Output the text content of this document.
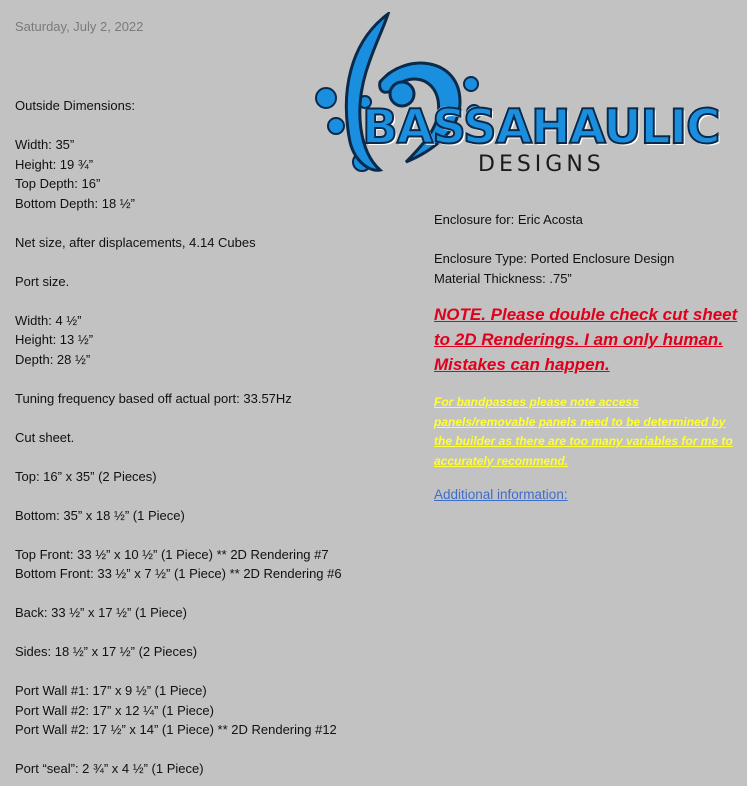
Saturday, July 2, 2022
BASSAHAULIC
DESIGNS
Outside Dimensions:
Width: 35”
Height: 19 ¾”
Top Depth: 16”
Bottom Depth: 18 ½”
Net size, after displacements, 4.14 Cubes
Port size.
Width: 4 ½”
Height: 13 ½”
Depth: 28 ½”
Tuning frequency based off actual port: 33.57Hz
Cut sheet.
Top: 16” x 35” (2 Pieces)
Bottom: 35” x 18 ½” (1 Piece)
Top Front: 33 ½” x 10 ½” (1 Piece) ** 2D Rendering #7
Bottom Front: 33 ½” x 7 ½” (1 Piece) ** 2D Rendering #6
Back: 33 ½” x 17 ½” (1 Piece)
Sides: 18 ½” x 17 ½” (2 Pieces)
Port Wall #1: 17” x 9 ½” (1 Piece)
Port Wall #2: 17” x 12 ¼” (1 Piece)
Port Wall #2: 17 ½” x 14” (1 Piece) ** 2D Rendering #12
Port “seal”: 2 ¾” x 4 ½” (1 Piece)
Enclosure for: Eric Acosta
Enclosure Type: Ported Enclosure Design
Material Thickness: .75”
NOTE. Please double check cut sheet to 2D Renderings. I am only human. Mistakes can happen.
For bandpasses please note access panels/removable panels need to be determined by the builder as there are too many variables for me to accurately recommend.
Additional information:
